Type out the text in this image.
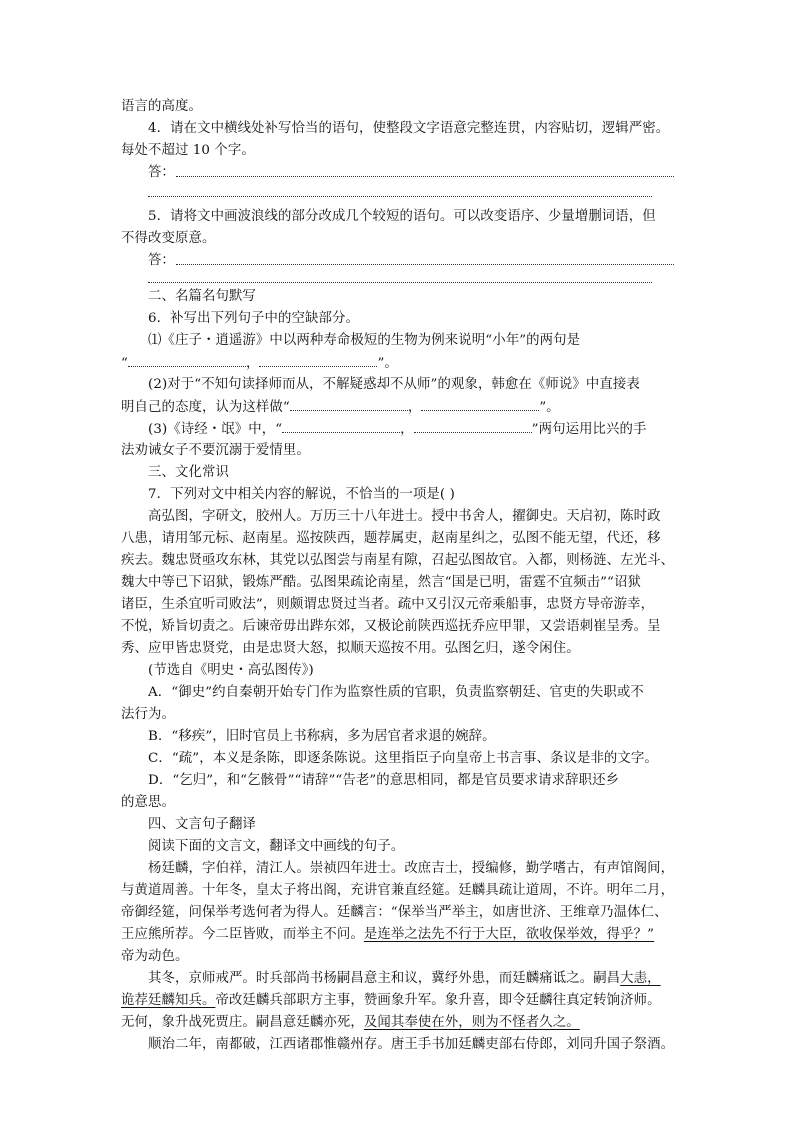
语言的高度。
4．请在文中横线处补写恰当的语句，使整段文字语意完整连贯，内容贴切，逻辑严密。
每处不超过 10 个字。
答：
5．请将文中画波浪线的部分改成几个较短的语句。可以改变语序、少量增删词语，但
不得改变原意。
答：
二、名篇名句默写
6．补写出下列句子中的空缺部分。
⑴《庄子・逍遥游》中以两种寿命极短的生物为例来说明“小年”的两句是
“	，	”。
(2)对于“不知句读择师而从，不解疑惑却不从师”的观象，韩愈在《师说》中直接表
明自己的态度，认为这样做“	，	”。
(3)《诗经・氓》中，“	，	”两句运用比兴的手
法劝诫女子不要沉溺于爱情里。
三、文化常识
7．下列对文中相关内容的解说，不恰当的一项是( )
高弘图，字研文，胶州人。万历三十八年进士。授中书舍人，擢御史。天启初，陈时政
八患，请用邹元标、赵南星。巡按陕西，题荐属吏，赵南星纠之，弘图不能无望，代还，移
疾去。魏忠贤亟攻东林，其党以弘图尝与南星有隙，召起弘图故官。入都，则杨涟、左光斗、
魏大中等已下诏狱，锻炼严酷。弘图果疏论南星，然言“国是已明，雷霆不宜频击”“诏狱
诸臣，生杀宜听司败法”，则颇谓忠贤过当者。疏中又引汉元帝乘船事，忠贤方导帝游幸，
不悦，矫旨切责之。后谏帝毋出跸东郊，又极论前陕西巡抚乔应甲罪，又尝语刺崔呈秀。呈
秀、应甲皆忠贤党，由是忠贤大怒，拟顺天巡按不用。弘图乞归，遂令闲住。
(节选自《明史・高弘图传》)
A．“御史”约自秦朝开始专门作为监察性质的官职，负责监察朝廷、官吏的失职或不
法行为。
B．“移疾”，旧时官员上书称病，多为居官者求退的婉辞。
C．“疏”，本义是条陈，即逐条陈说。这里指臣子向皇帝上书言事、条议是非的文字。
D．“乞归”，和“乞骸骨”“请辞”“告老”的意思相同，都是官员要求请求辞职还乡
的意思。
四、文言句子翻译
阅读下面的文言文，翻译文中画线的句子。
杨廷麟，字伯祥，清江人。崇祯四年进士。改庶吉士，授编修，勤学嗜古，有声馆阁间，
与黄道周善。十年冬，皇太子将出阁，充讲官兼直经筵。廷麟具疏让道周，不许。明年二月，
帝御经筵，问保举考选何者为得人。廷麟言：“保举当严举主，如唐世济、王维章乃温体仁、
王应熊所荐。今二臣皆败，而举主不问。是连举之法先不行于大臣，欲收保举效，得乎？”
帝为动色。
其冬，京师戒严。时兵部尚书杨嗣昌意主和议，冀纾外患，而廷麟痛诋之。嗣昌大恚，
诡荐廷麟知兵。帝改廷麟兵部职方主事，赞画象升军。象升喜，即令廷麟往真定转饷济师。
无何，象升战死贾庄。嗣昌意廷麟亦死，及闻其奉使在外，则为不怪者久之。
顺治二年，南都破，江西诸郡惟赣州存。唐王手书加廷麟吏部右侍郎，刘同升国子祭酒。
